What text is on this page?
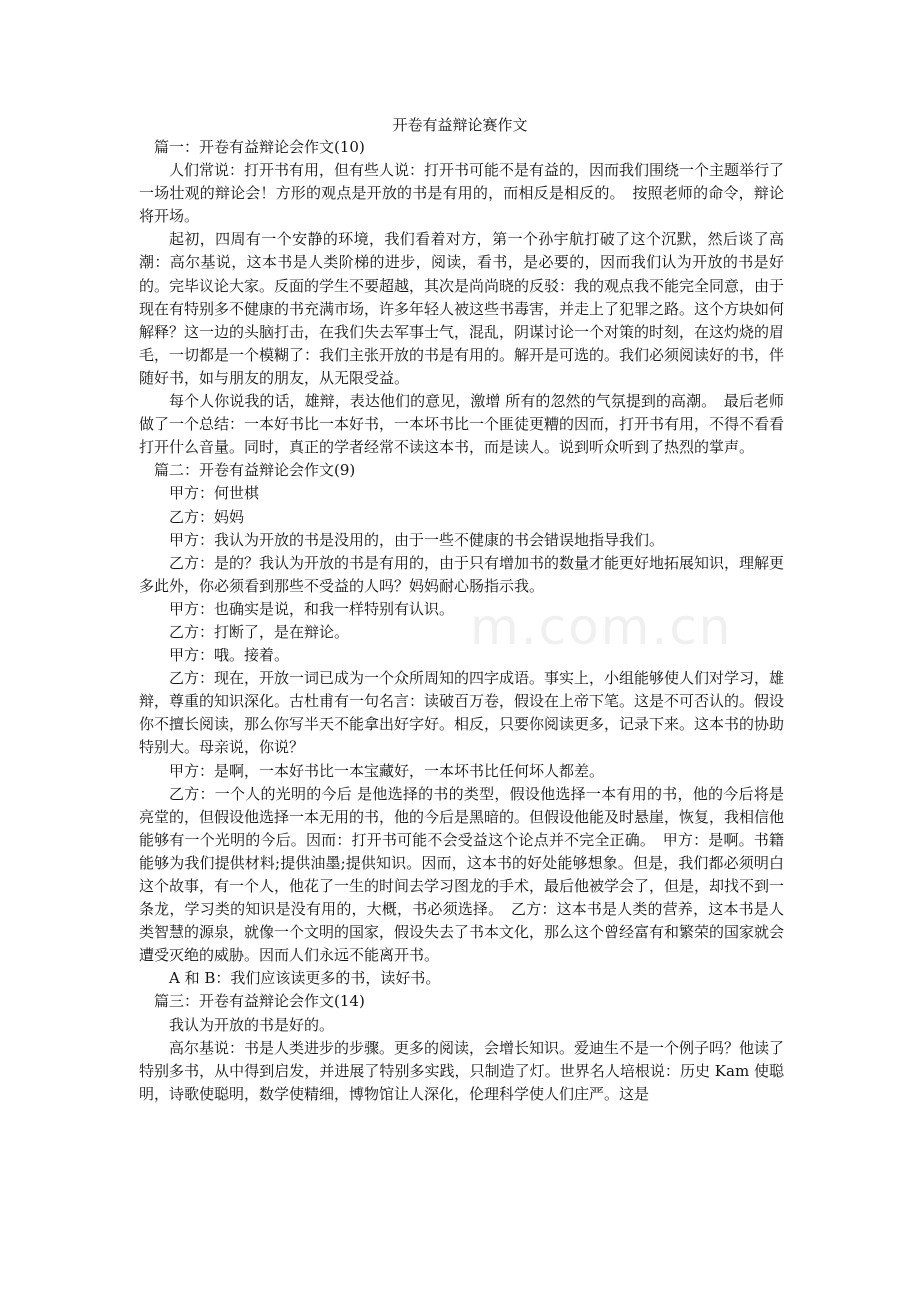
m.com.cn
开卷有益辩论赛作文

篇一：开卷有益辩论会作文(10)

人们常说：打开书有用，但有些人说：打开书可能不是有益的，因而我们围绕一个主题举行了一场壮观的辩论会！方形的观点是开放的书是有用的，而相反是相反的。　按照老师的命令，辩论将开场。

起初，四周有一个安静的环境，我们看着对方，第一个孙宇航打破了这个沉默，然后谈了高潮：高尔基说，这本书是人类阶梯的进步，阅读，看书，是必要的，因而我们认为开放的书是好的。完毕议论大家。反面的学生不要超越，其次是尚尚晓的反驳：我的观点我不能完全同意，由于现在有特别多不健康的书充满市场，许多年轻人被这些书毒害，并走上了犯罪之路。这个方块如何解释？这一边的头脑打击，在我们失去军事士气，混乱，阴谋讨论一个对策的时刻，在这灼烧的眉毛，一切都是一个模糊了：我们主张开放的书是有用的。解开是可选的。我们必须阅读好的书，伴随好书，如与朋友的朋友，从无限受益。

每个人你说我的话，雄辩，表达他们的意见，激增 所有的忽然的气氛提到的高潮。　最后老师做了一个总结：一本好书比一本好书，一本坏书比一个匪徒更糟的因而，打开书有用，不得不看看打开什么音量。同时，真正的学者经常不读这本书，而是读人。说到听众听到了热烈的掌声。

篇二：开卷有益辩论会作文(9)

甲方：何世棋

乙方：妈妈

甲方：我认为开放的书是没用的，由于一些不健康的书会错误地指导我们。

乙方：是的？我认为开放的书是有用的，由于只有增加书的数量才能更好地拓展知识，理解更多此外，你必须看到那些不受益的人吗？妈妈耐心肠指示我。

甲方：也确实是说，和我一样特别有认识。

乙方：打断了，是在辩论。

甲方：哦。接着。

乙方：现在，开放一词已成为一个众所周知的四字成语。事实上，小组能够使人们对学习，雄辩，尊重的知识深化。古杜甫有一句名言：读破百万卷，假设在上帝下笔。这是不可否认的。假设你不擅长阅读，那么你写半天不能拿出好字好。相反，只要你阅读更多，记录下来。这本书的协助特别大。母亲说，你说？

甲方：是啊，一本好书比一本宝藏好，一本坏书比任何坏人都差。

乙方：一个人的光明的今后 是他选择的书的类型，假设他选择一本有用的书，他的今后将是亮堂的，但假设他选择一本无用的书，他的今后是黑暗的。但假设他能及时悬崖，恢复，我相信他能够有一个光明的今后。因而：打开书可能不会受益这个论点并不完全正确。　甲方：是啊。书籍能够为我们提供材料;提供油墨;提供知识。因而，这本书的好处能够想象。但是，我们都必须明白这个故事，有一个人，他花了一生的时间去学习图龙的手术，最后他被学会了，但是，却找不到一条龙，学习类的知识是没有用的，大概，书必须选择。　乙方：这本书是人类的营养，这本书是人类智慧的源泉，就像一个文明的国家，假设失去了书本文化，那么这个曾经富有和繁荣的国家就会遭受灭绝的威胁。因而人们永远不能离开书。

A 和 B：我们应该读更多的书，读好书。

篇三：开卷有益辩论会作文(14)

我认为开放的书是好的。

高尔基说：书是人类进步的步骤。更多的阅读，会增长知识。爱迪生不是一个例子吗？他读了特别多书，从中得到启发，并进展了特别多实践，只制造了灯。世界名人培根说：历史 Kam 使聪明，诗歌使聪明，数学使精细，博物馆让人深化，伦理科学使人们庄严。这是
